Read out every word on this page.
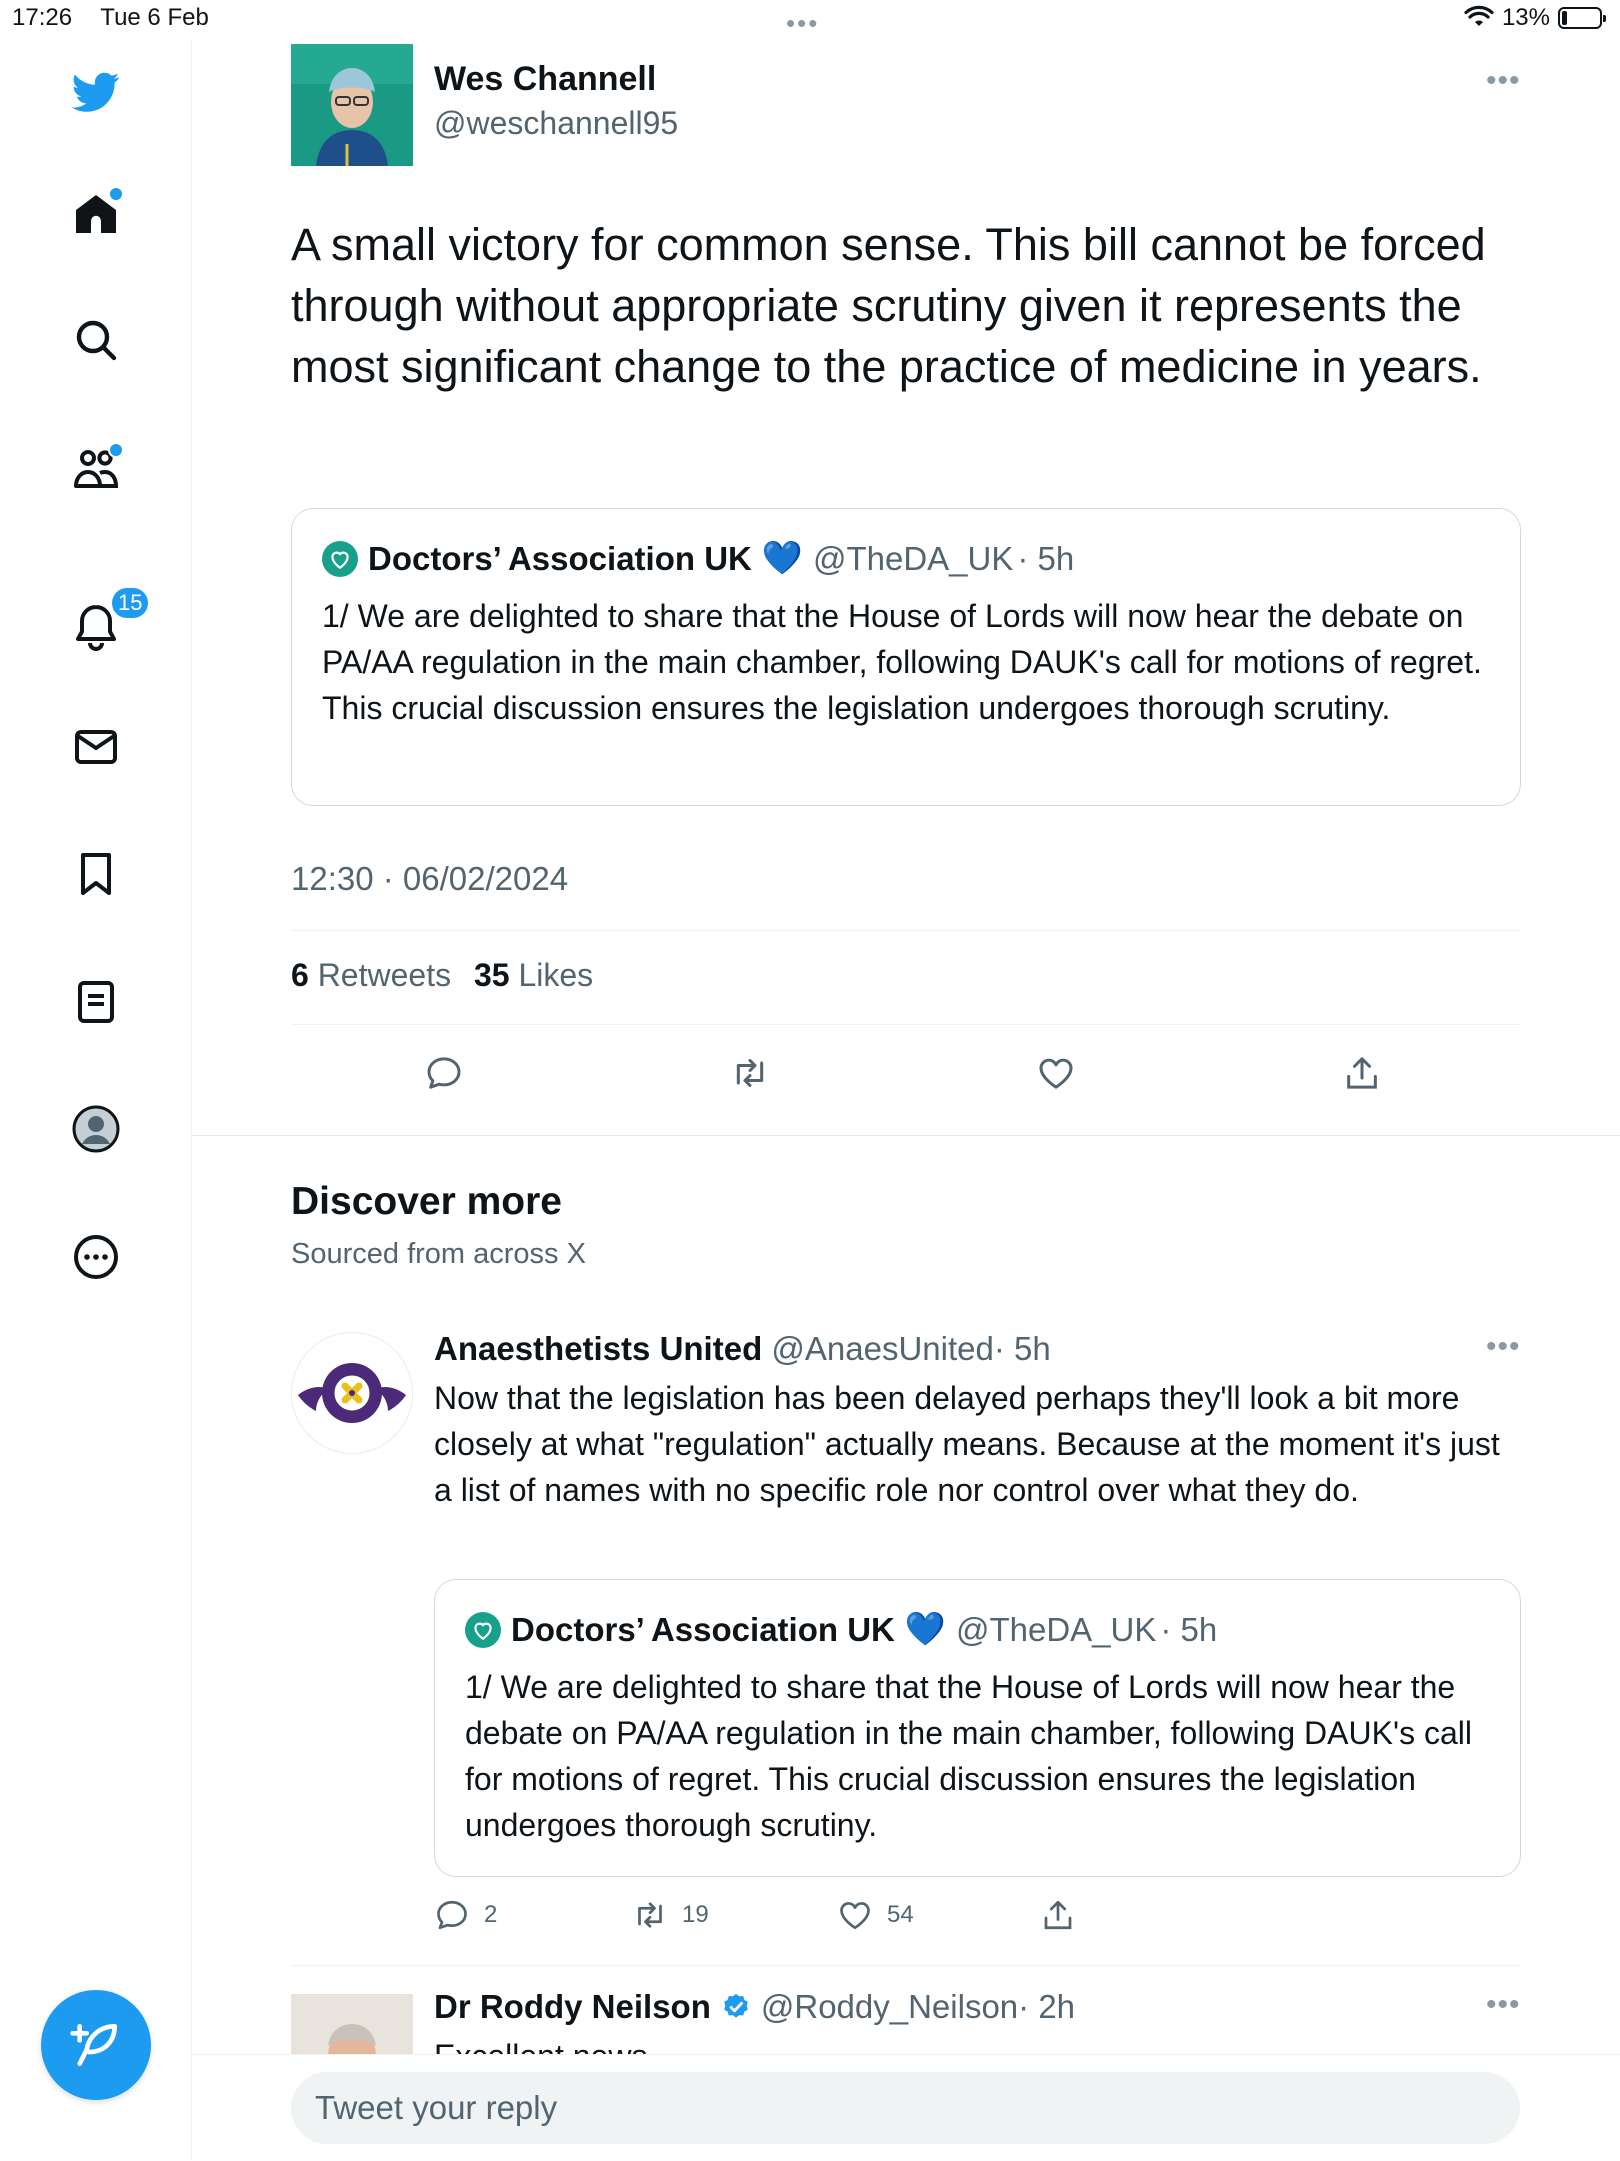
17:26 Tue 6 Feb	•••	13%
15
Wes Channell
@weschannell95
•••
A small victory for common sense. This bill cannot be forced through without appropriate scrutiny given it represents the most significant change to the practice of medicine in years.
Doctors’ Association UK 💙 @TheDA_UK · 5h
1/ We are delighted to share that the House of Lords will now hear the debate on PA/AA regulation in the main chamber, following DAUK's call for motions of regret. This crucial discussion ensures the legislation undergoes thorough scrutiny.
12:30 · 06/02/2024
6 Retweets 35 Likes
Discover more
Sourced from across X
Anaesthetists United @AnaesUnited· 5h	•••
Now that the legislation has been delayed perhaps they'll look a bit more closely at what "regulation" actually means. Because at the moment it's just a list of names with no specific role nor control over what they do.
Doctors’ Association UK 💙 @TheDA_UK · 5h
1/ We are delighted to share that the House of Lords will now hear the debate on PA/AA regulation in the main chamber, following DAUK's call for motions of regret. This crucial discussion ensures the legislation undergoes thorough scrutiny.
2	19	54
Dr Roddy Neilson @Roddy_Neilson· 2h	•••
Tweet your reply
